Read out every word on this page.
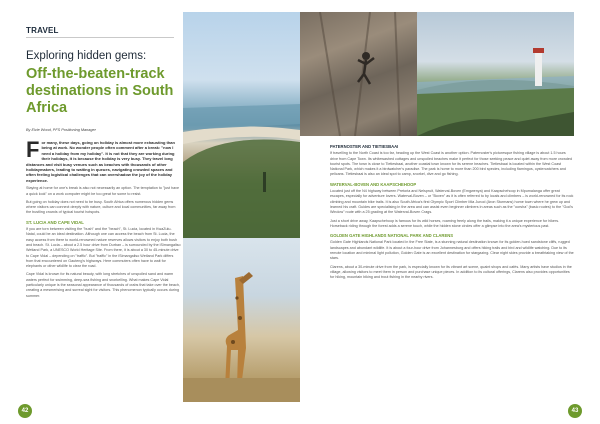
TRAVEL
Exploring hidden gems:
Off-the-beaten-track destinations in South Africa
By Elvie Wood, PFS Positioning Manager

For many, these days, going on holiday is almost more exhausting than being at work. No wonder people often comment after a break: "now I need a holiday from my holiday". It is not that they are working during their holidays, it is because the holiday is very busy. They travel long distances and visit busy venues such as beaches with thousands of other holidaymakers, leading to waiting in queues, navigating crowded spaces and often feeling logistical challenges that can overshadow the joy of the holiday experience.

Staying at home for one's break is also not necessarily an option. The temptation to "just have a quick look" on a work computer might be too great for some to resist.

But going on holiday does not need to be busy. South Africa offers numerous hidden gems where visitors can connect deeply with nature, culture and local communities, far away from the bustling crowds of typical tourist hotspots.

ST. LUCIA AND CAPE VIDAL

If you are torn between visiting the "bush" and the "beach", St. Lucia, located in KwaZulu-Natal, could be an ideal destination. Although one can access the beach from St. Lucia, the easy access from there to world-renowned nature reserves allows visitors to enjoy both bush and beach. St. Lucia – about a 2.5 hour drive from Durban – is surrounded by the iSimangaliso Wetland Park, a UNESCO World Heritage Site. From there, it is about a 30 to 45-minute drive to Cape Vidal – depending on "traffic". But "traffic" in the iSimangaliso Wetland Park differs from that encountered on Gauteng's highways. Here commuters often have to wait for elephants or other wildlife to clear the road.

Cape Vidal is known for its natural beauty, with long stretches of unspoiled sand and warm waters perfect for swimming, deep-sea fishing and snorkelling. What makes Cape Vidal particularly unique is the seasonal appearance of thousands of crabs that take over the beach, creating a mesmerising and surreal sight for visitors. This phenomenon typically occurs during summer.

42
PATERNOSTER AND TIETIESBAAI

If travelling to the North Coast is too far, heading up the West Coast is another option. Paternoster's picturesque fishing village is about 1.5 hours drive from Cape Town. Its whitewashed cottages and unspoiled beaches make it perfect for those seeking peace and quiet away from more crowded tourist spots. The town is close to Tietiesbaai, another coastal town known for its serene beaches. Tietiesbaai is located within the West Coast National Park, which makes it a birdwatcher's paradise. The park is home to more than 200 bird species, including flamingos, oystercatchers and pelicans. Tietiesbaai is also an ideal spot to camp, snorkel, dive and go fishing.

WATERVAL-BOVEN AND KAAPSCHEHOOP

Located just off the N4 highway between Pretoria and Nelspruit, Waterval-Boven (Emgwenya) and Kaapschehoop in Mpumalanga offer great escapes, especially for adventure lovers. Waterval-Boven – or "Boven" as it is often referred to by locals and climbers – is world-renowned for its rock climbing and mountain bike trails. It is also South Africa's first Olympic Sport Climber Mia Junod (Aron Sturmans) home town where he grew up and learned his craft. Guides are specialising in the area and can assist even beginner climbers in areas such as the "oorsha" (basic routes) to the "God's Window" route with a 25 grading at the Waterval-Boven Crags.

Just a short drive away, Kaapschehoop is famous for its wild horses, roaming freely along the trails, making it a unique experience for hikers. Horseback riding through the forest adds a serene touch, while the hidden stone circles offer a glimpse into the area's mysterious past.

GOLDEN GATE HIGHLANDS NATIONAL PARK AND CLARENS

Golden Gate Highlands National Park located in the Free State, is a stunning natural destination known for its golden-hued sandstone cliffs, rugged landscapes and abundant wildlife. It is about a four-hour drive from Johannesburg and offers hiking trails and bird and wildlife watching. Due to its remote location and minimal light pollution, Golden Gate is an excellent destination for stargazing. Clear night skies provide a breathtaking view of the stars.

Clarens, about a 30-minute drive from the park, is especially known for its vibrant art scene, quaint shops and cafés. Many artists have studios in the village, allowing visitors to meet them in person and purchase unique pieces. In addition to its cultural offerings, Clarens also provides opportunities for hiking, mountain biking and trout fishing in the nearby rivers.

43
